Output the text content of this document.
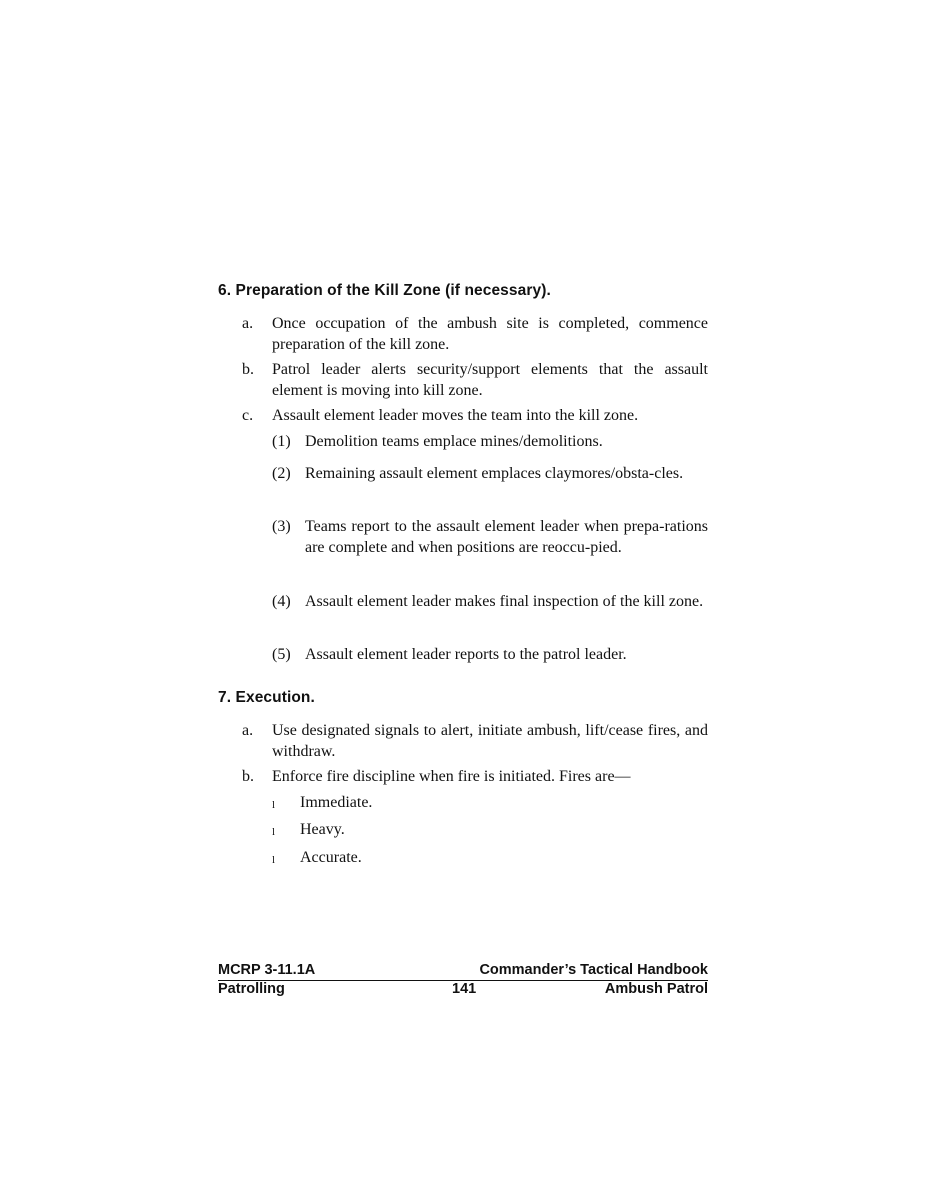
6. Preparation of the Kill Zone (if necessary).
a. Once occupation of the ambush site is completed, commence preparation of the kill zone.
b. Patrol leader alerts security/support elements that the assault element is moving into kill zone.
c. Assault element leader moves the team into the kill zone.
(1) Demolition teams emplace mines/demolitions.
(2) Remaining assault element emplaces claymores/obsta-cles.
(3) Teams report to the assault element leader when prepa-rations are complete and when positions are reoccu-pied.
(4) Assault element leader makes final inspection of the kill zone.
(5) Assault element leader reports to the patrol leader.
7. Execution.
a. Use designated signals to alert, initiate ambush, lift/cease fires, and withdraw.
b. Enforce fire discipline when fire is initiated. Fires are—
l Immediate.
l Heavy.
l Accurate.
MCRP 3-11.1A	Commander’s Tactical Handbook
Patrolling	141	Ambush Patrol
